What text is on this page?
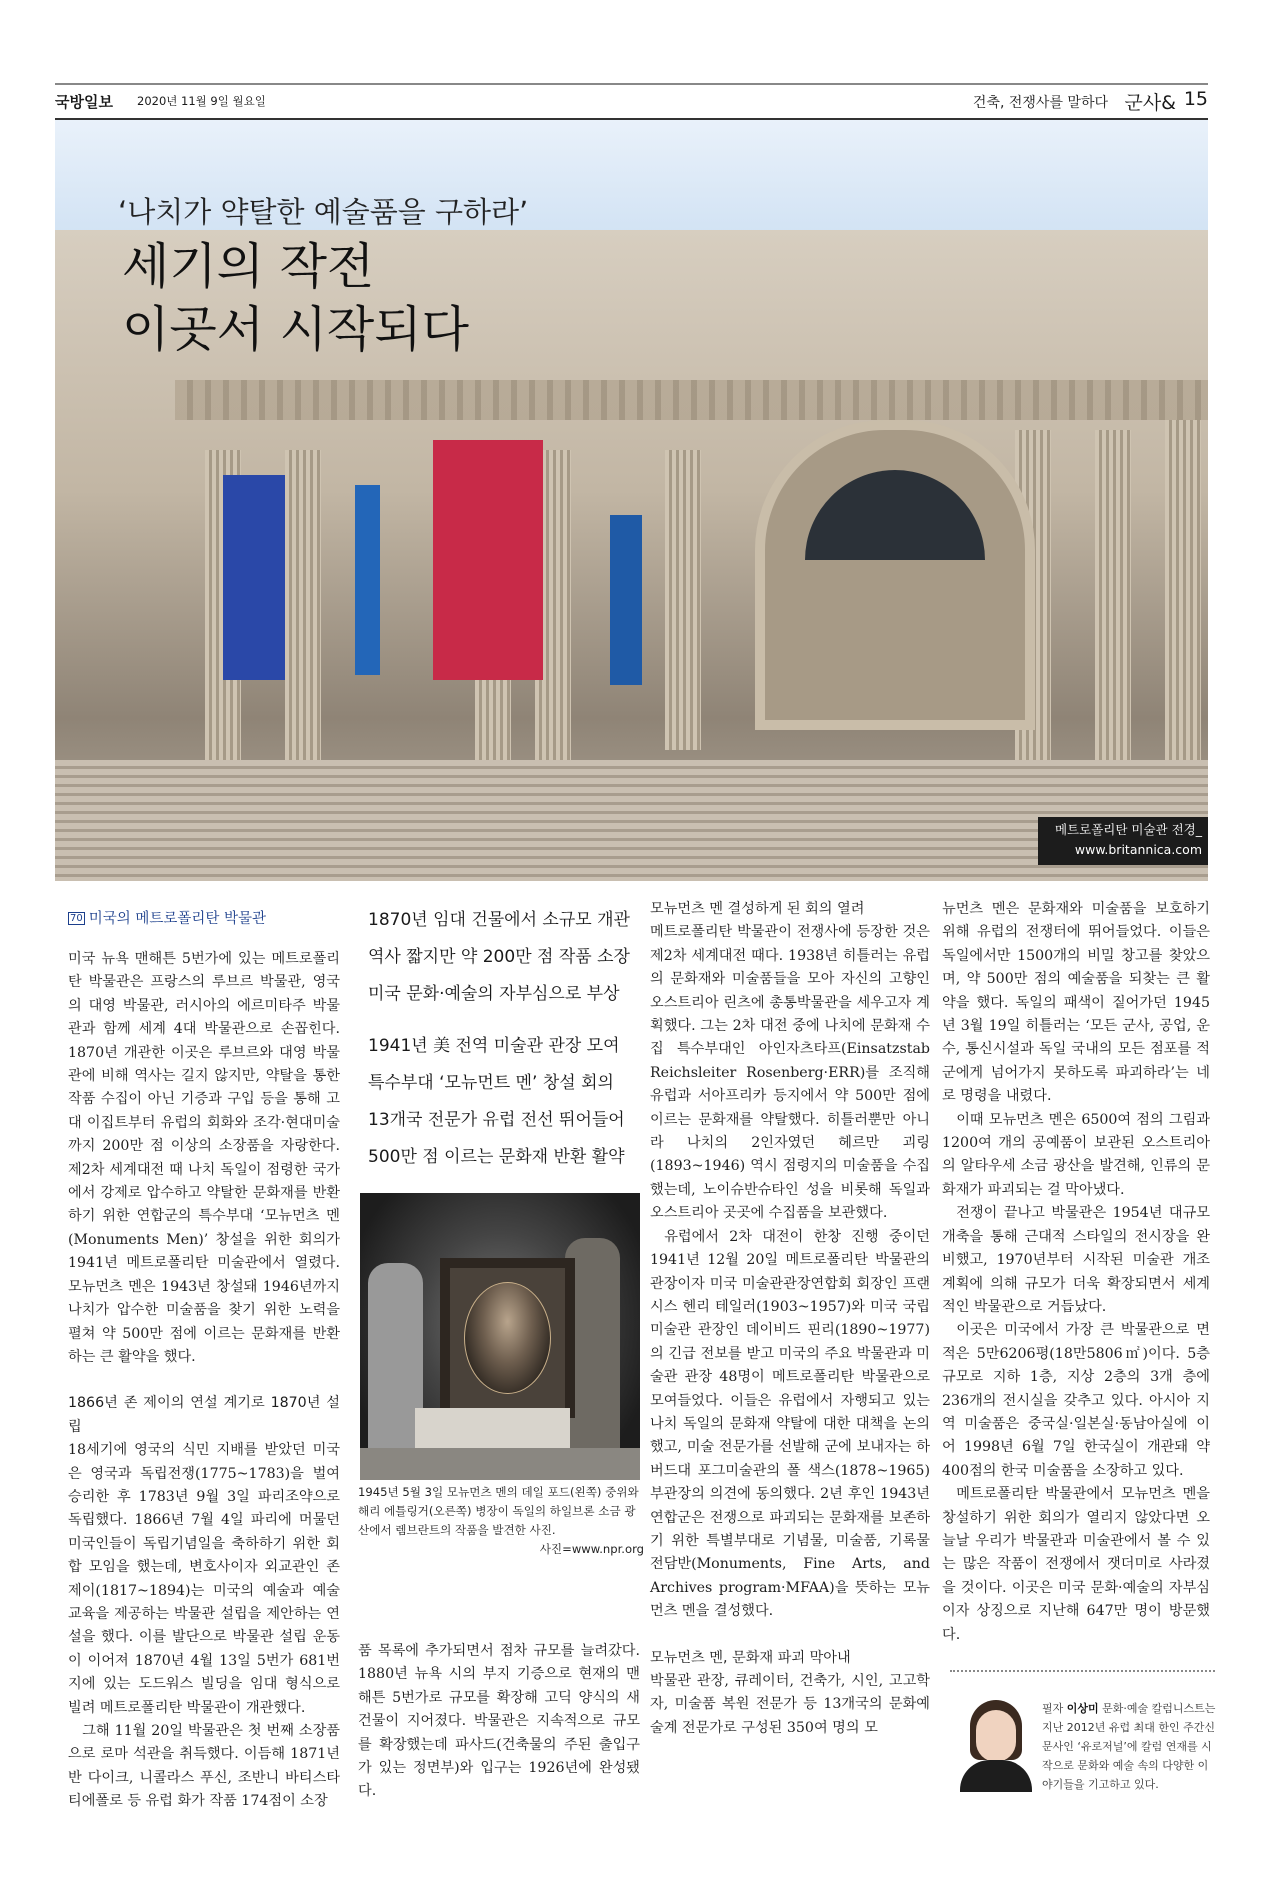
국방일보 2020년 11월 9일 월요일	건축, 전쟁사를 말하다 군사& 15
메트로폴리탄 미술관 전경_
www.britannica.com
‘나치가 약탈한 예술품을 구하라’
세기의 작전
이곳서 시작되다
70 미국의 메트로폴리탄 박물관

미국 뉴욕 맨해튼 5번가에 있는 메트로폴리탄 박물관은 프랑스의 루브르 박물관, 영국의 대영 박물관, 러시아의 에르미타주 박물관과 함께 세계 4대 박물관으로 손꼽힌다. 1870년 개관한 이곳은 루브르와 대영 박물관에 비해 역사는 길지 않지만, 약탈을 통한 작품 수집이 아닌 기증과 구입 등을 통해 고대 이집트부터 유럽의 회화와 조각·현대미술까지 200만 점 이상의 소장품을 자랑한다. 제2차 세계대전 때 나치 독일이 점령한 국가에서 강제로 압수하고 약탈한 문화재를 반환하기 위한 연합군의 특수부대 ‘모뉴먼츠 멘(Monuments Men)’ 창설을 위한 회의가 1941년 메트로폴리탄 미술관에서 열렸다. 모뉴먼츠 멘은 1943년 창설돼 1946년까지 나치가 압수한 미술품을 찾기 위한 노력을 펼쳐 약 500만 점에 이르는 문화재를 반환하는 큰 활약을 했다.

1866년 존 제이의 연설 계기로 1870년 설립

18세기에 영국의 식민 지배를 받았던 미국은 영국과 독립전쟁(1775~1783)을 벌여 승리한 후 1783년 9월 3일 파리조약으로 독립했다. 1866년 7월 4일 파리에 머물던 미국인들이 독립기념일을 축하하기 위한 회합 모임을 했는데, 변호사이자 외교관인 존 제이(1817~1894)는 미국의 예술과 예술 교육을 제공하는 박물관 설립을 제안하는 연설을 했다. 이를 발단으로 박물관 설립 운동이 이어져 1870년 4월 13일 5번가 681번지에 있는 도드워스 빌딩을 임대 형식으로 빌려 메트로폴리탄 박물관이 개관했다.

그해 11월 20일 박물관은 첫 번째 소장품으로 로마 석관을 취득했다. 이듬해 1871년 반 다이크, 니콜라스 푸신, 조반니 바티스타 티에폴로 등 유럽 화가 작품 174점이 소장

1870년 임대 건물에서 소규모 개관
역사 짧지만 약 200만 점 작품 소장
미국 문화·예술의 자부심으로 부상
1941년 美 전역 미술관 관장 모여
특수부대 ‘모뉴먼트 멘’ 창설 회의
13개국 전문가 유럽 전선 뛰어들어
500만 점 이르는 문화재 반환 활약
1945년 5월 3일 모뉴먼츠 멘의 데일 포드(왼쪽) 중위와 해리 에틀링거(오른쪽) 병장이 독일의 하일브론 소금 광산에서 렘브란트의 작품을 발견한 사진.
사진=www.npr.org

품 목록에 추가되면서 점차 규모를 늘려갔다. 1880년 뉴욕 시의 부지 기증으로 현재의 맨해튼 5번가로 규모를 확장해 고딕 양식의 새 건물이 지어졌다. 박물관은 지속적으로 규모를 확장했는데 파사드(건축물의 주된 출입구가 있는 정면부)와 입구는 1926년에 완성됐다.

모뉴먼츠 멘 결성하게 된 회의 열려

메트로폴리탄 박물관이 전쟁사에 등장한 것은 제2차 세계대전 때다. 1938년 히틀러는 유럽의 문화재와 미술품들을 모아 자신의 고향인 오스트리아 린츠에 총통박물관을 세우고자 계획했다. 그는 2차 대전 중에 나치에 문화재 수집 특수부대인 아인자츠타프(Einsatzstab Reichsleiter Rosenberg·ERR)를 조직해 유럽과 서아프리카 등지에서 약 500만 점에 이르는 문화재를 약탈했다. 히틀러뿐만 아니라 나치의 2인자였던 헤르만 괴링(1893~1946) 역시 점령지의 미술품을 수집했는데, 노이슈반슈타인 성을 비롯해 독일과 오스트리아 곳곳에 수집품을 보관했다.

유럽에서 2차 대전이 한창 진행 중이던 1941년 12월 20일 메트로폴리탄 박물관의 관장이자 미국 미술관관장연합회 회장인 프랜시스 헨리 테일러(1903~1957)와 미국 국립미술관 관장인 데이비드 핀리(1890~1977)의 긴급 전보를 받고 미국의 주요 박물관과 미술관 관장 48명이 메트로폴리탄 박물관으로 모여들었다. 이들은 유럽에서 자행되고 있는 나치 독일의 문화재 약탈에 대한 대책을 논의했고, 미술 전문가를 선발해 군에 보내자는 하버드대 포그미술관의 폴 색스(1878~1965) 부관장의 의견에 동의했다. 2년 후인 1943년 연합군은 전쟁으로 파괴되는 문화재를 보존하기 위한 특별부대로 기념물, 미술품, 기록물 전담반(Monuments, Fine Arts, and Archives program·MFAA)을 뜻하는 모뉴먼츠 멘을 결성했다.

모뉴먼츠 멘, 문화재 파괴 막아내

박물관 관장, 큐레이터, 건축가, 시인, 고고학자, 미술품 복원 전문가 등 13개국의 문화예술계 전문가로 구성된 350여 명의 모

뉴먼츠 멘은 문화재와 미술품을 보호하기 위해 유럽의 전쟁터에 뛰어들었다. 이들은 독일에서만 1500개의 비밀 창고를 찾았으며, 약 500만 점의 예술품을 되찾는 큰 활약을 했다. 독일의 패색이 짙어가던 1945년 3월 19일 히틀러는 ‘모든 군사, 공업, 운수, 통신시설과 독일 국내의 모든 점포를 적군에게 넘어가지 못하도록 파괴하라’는 네로 명령을 내렸다.

이때 모뉴먼츠 멘은 6500여 점의 그림과 1200여 개의 공예품이 보관된 오스트리아의 알타우세 소금 광산을 발견해, 인류의 문화재가 파괴되는 걸 막아냈다.

전쟁이 끝나고 박물관은 1954년 대규모 개축을 통해 근대적 스타일의 전시장을 완비했고, 1970년부터 시작된 미술관 개조 계획에 의해 규모가 더욱 확장되면서 세계적인 박물관으로 거듭났다.

이곳은 미국에서 가장 큰 박물관으로 면적은 5만6206평(18만5806㎡)이다. 5층 규모로 지하 1층, 지상 2층의 3개 층에 236개의 전시실을 갖추고 있다. 아시아 지역 미술품은 중국실·일본실·동남아실에 이어 1998년 6월 7일 한국실이 개관돼 약 400점의 한국 미술품을 소장하고 있다.

메트로폴리탄 박물관에서 모뉴먼츠 멘을 창설하기 위한 회의가 열리지 않았다면 오늘날 우리가 박물관과 미술관에서 볼 수 있는 많은 작품이 전쟁에서 잿더미로 사라졌을 것이다. 이곳은 미국 문화·예술의 자부심이자 상징으로 지난해 647만 명이 방문했다.

필자 이상미 문화·예술 칼럼니스트는 지난 2012년 유럽 최대 한인 주간신문사인 ‘유로저널’에 칼럼 연재를 시작으로 문화와 예술 속의 다양한 이야기들을 기고하고 있다.
